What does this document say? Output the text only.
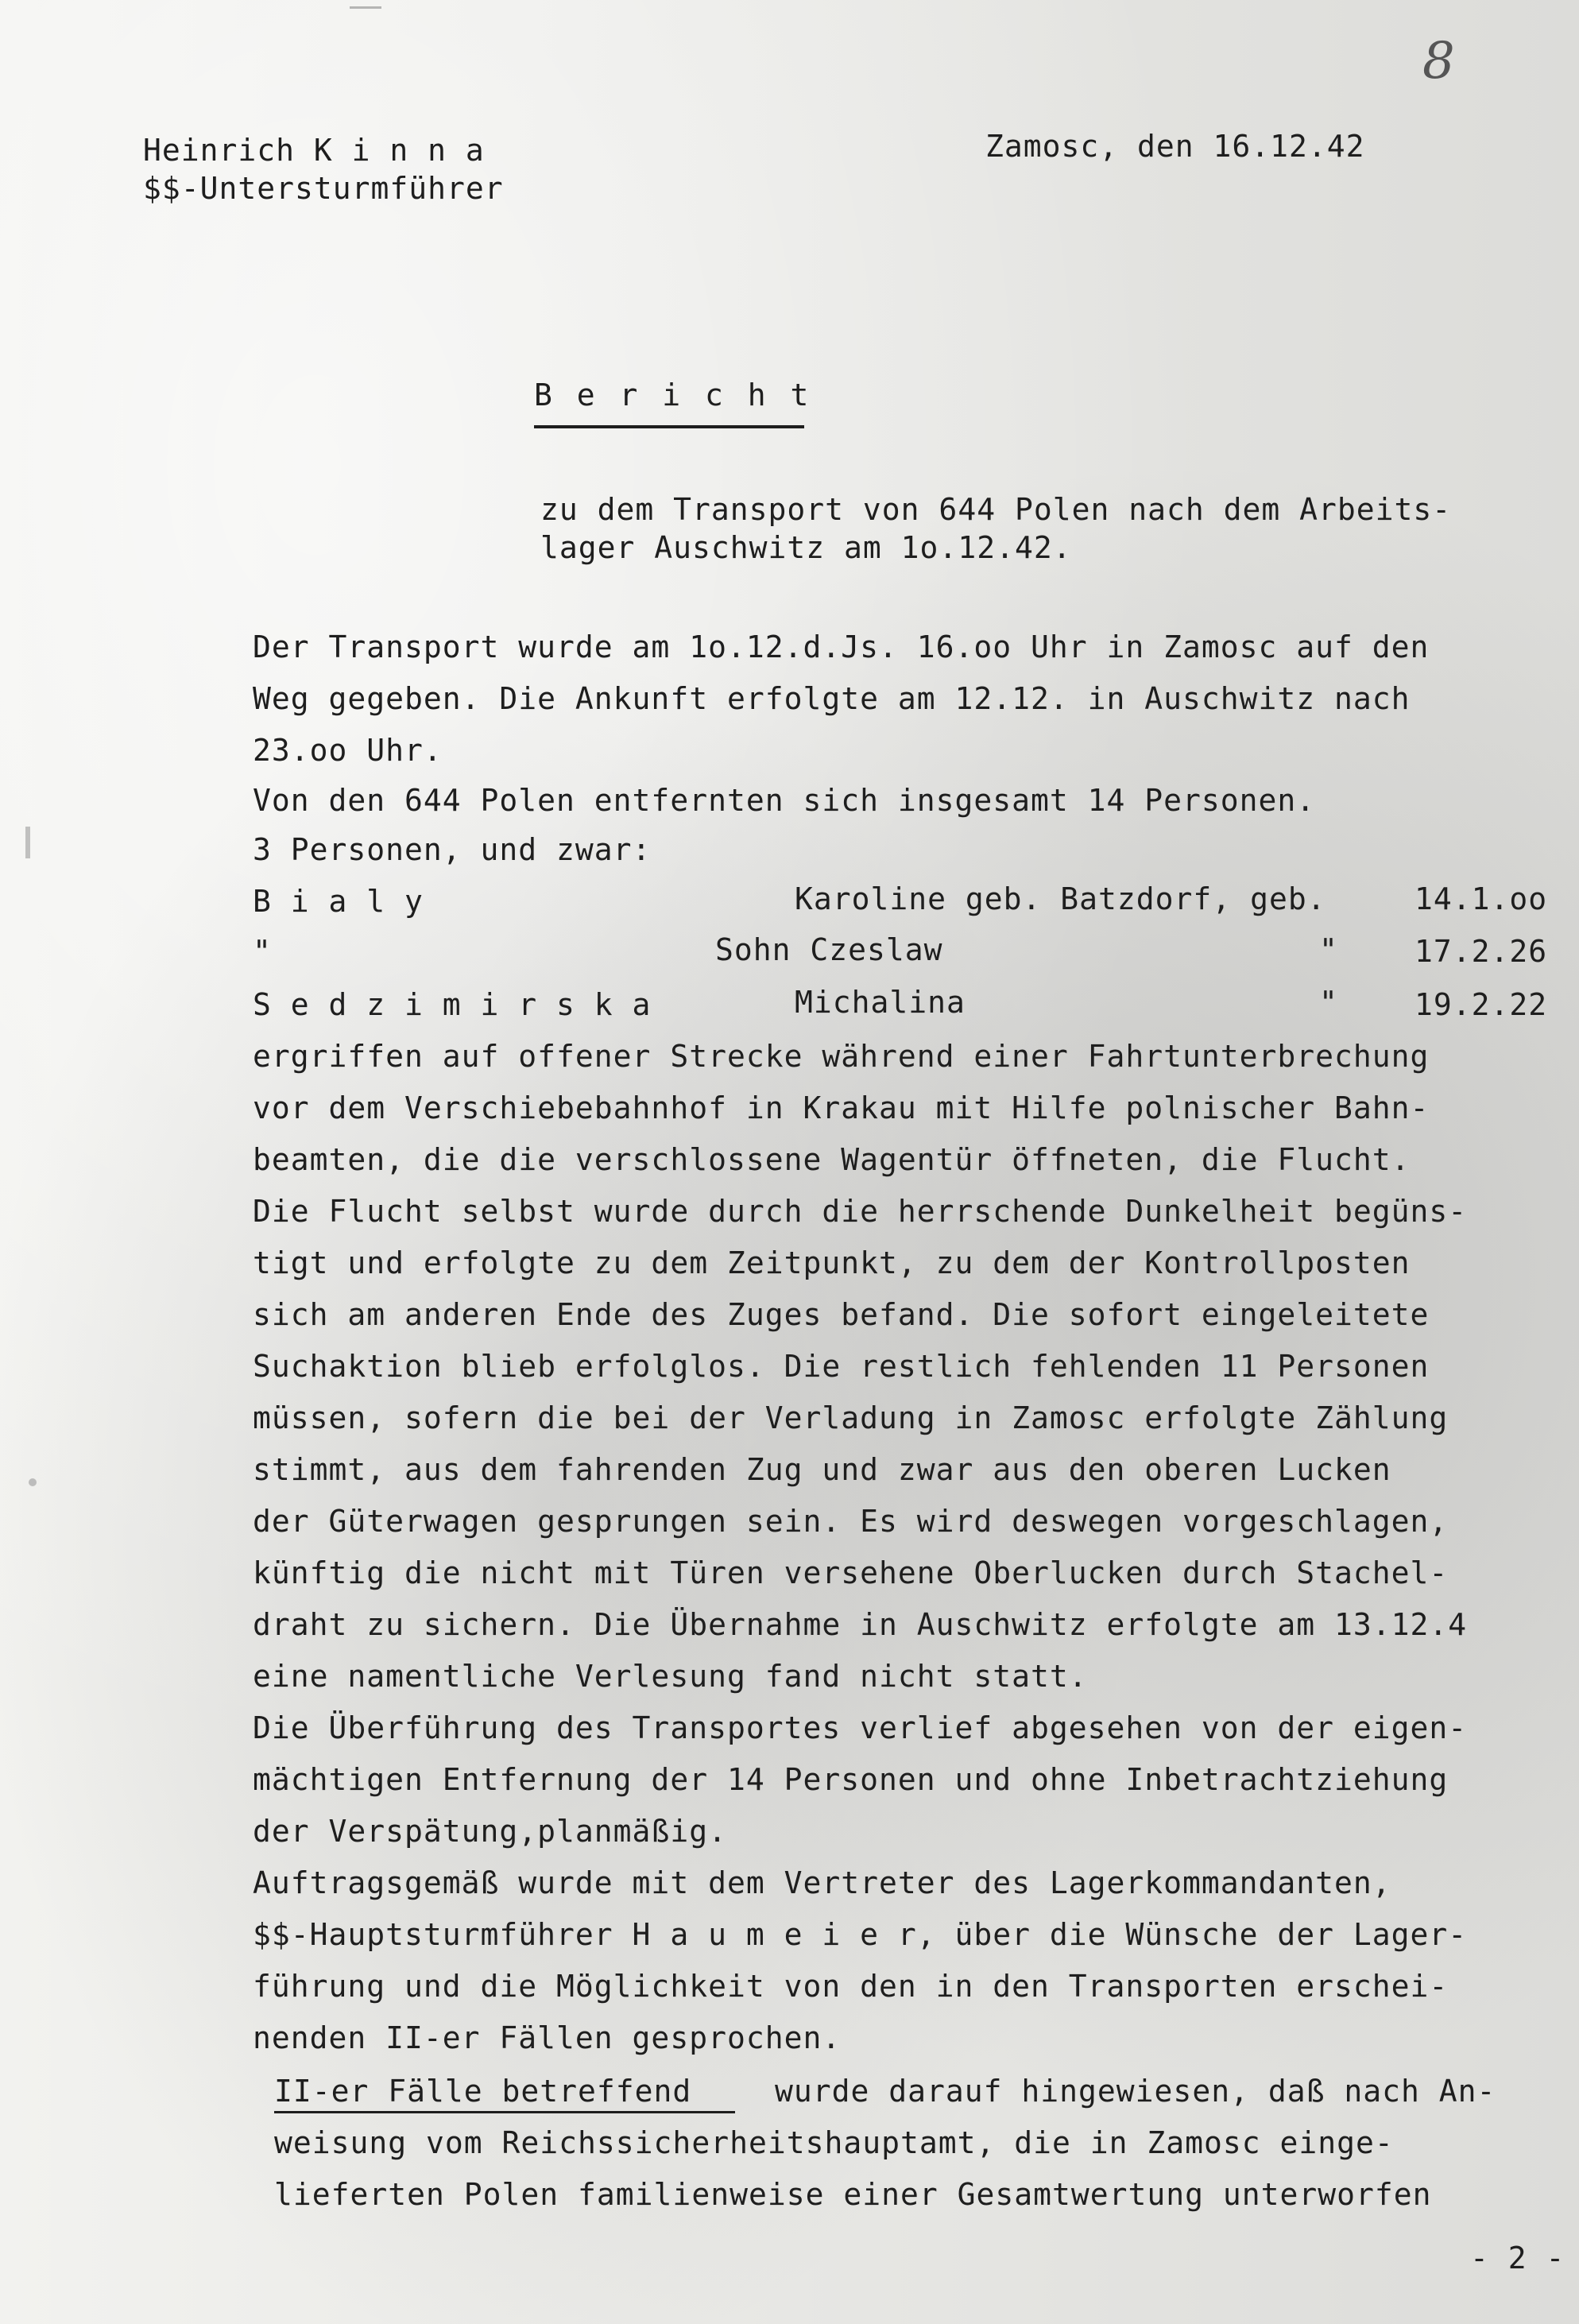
8
Heinrich K i n n a
$$-Untersturmführer
Zamosc, den 16.12.42
B e r i c h t
zu dem Transport von 644 Polen nach dem Arbeits-
lager Auschwitz am 1o.12.42.
Der Transport wurde am 1o.12.d.Js. 16.oo Uhr in Zamosc auf den
Weg gegeben. Die Ankunft erfolgte am 12.12. in Auschwitz nach
23.oo Uhr.
Von den 644 Polen entfernten sich insgesamt 14 Personen.
3 Personen, und zwar:
B i a l y	Karoline geb. Batzdorf, geb.	14.1.oo
"	Sohn Czeslaw	"	17.2.26
S e d z i m i r s k a	Michalina	"	19.2.22
ergriffen auf offener Strecke während einer Fahrtunterbrechung
vor dem Verschiebebahnhof in Krakau mit Hilfe polnischer Bahn-
beamten, die die verschlossene Wagentür öffneten, die Flucht.
Die Flucht selbst wurde durch die herrschende Dunkelheit begüns-
tigt und erfolgte zu dem Zeitpunkt, zu dem der Kontrollposten
sich am anderen Ende des Zuges befand. Die sofort eingeleitete
Suchaktion blieb erfolglos. Die restlich fehlenden 11 Personen
müssen, sofern die bei der Verladung in Zamosc erfolgte Zählung
stimmt, aus dem fahrenden Zug und zwar aus den oberen Lucken
der Güterwagen gesprungen sein. Es wird deswegen vorgeschlagen,
künftig die nicht mit Türen versehene Oberlucken durch Stachel-
draht zu sichern. Die Übernahme in Auschwitz erfolgte am 13.12.4
eine namentliche Verlesung fand nicht statt.
Die Überführung des Transportes verlief abgesehen von der eigen-
mächtigen Entfernung der 14 Personen und ohne Inbetrachtziehung
der Verspätung,planmäßig.
Auftragsgemäß wurde mit dem Vertreter des Lagerkommandanten,
$$-Hauptsturmführer H a u m e i e r, über die Wünsche der Lager-
führung und die Möglichkeit von den in den Transporten erschei-
nenden II-er Fällen gesprochen.
II-er Fälle betreffend	wurde darauf hingewiesen, daß nach An-
weisung vom Reichssicherheitshauptamt, die in Zamosc einge-
lieferten Polen familienweise einer Gesamtwertung unterworfen
- 2 -
